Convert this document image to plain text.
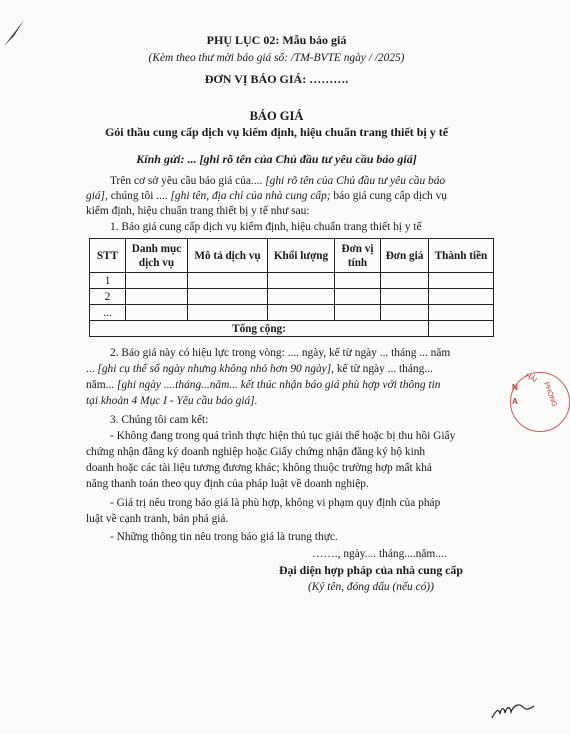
PHỤ LỤC 02: Mẫu báo giá
(Kèm theo thư mời báo giá số: /TM-BVTE ngày / /2025)
ĐƠN VỊ BÁO GIÁ: ……….
BÁO GIÁ
Gói thầu cung cấp dịch vụ kiểm định, hiệu chuẩn trang thiết bị y tế
Kính gửi: ... [ghi rõ tên của Chủ đầu tư yêu cầu báo giá]
Trên cơ sở yêu cầu báo giá của.... [ghi rõ tên của Chủ đầu tư yêu cầu báo
giá], chúng tôi .... [ghi tên, địa chỉ của nhà cung cấp; báo giá cung cấp dịch vụ
kiểm định, hiệu chuẩn trang thiết bị y tế như sau:
1. Báo giá cung cấp dịch vụ kiểm định, hiệu chuẩn trang thiết bị y tế
STT	Danh mục dịch vụ	Mô tả dịch vụ	Khối lượng	Đơn vị tính	Đơn giá	Thành tiền
1						
2						
...						
Tổng cộng:						
2. Báo giá này có hiệu lực trong vòng: .... ngày, kể từ ngày ... tháng ... năm
... [ghi cụ thể số ngày nhưng không nhỏ hơn 90 ngày], kể từ ngày ... tháng...
năm... [ghi ngày ....tháng...năm... kết thúc nhận báo giá phù hợp với thông tin
tại khoản 4 Mục I - Yêu cầu báo giá].
3. Chúng tôi cam kết:
- Không đang trong quá trình thực hiện thủ tục giải thể hoặc bị thu hồi Giấy
chứng nhận đăng ký doanh nghiệp hoặc Giấy chứng nhận đăng ký hộ kinh
doanh hoặc các tài liệu tương đương khác; không thuộc trường hợp mất khả
năng thanh toán theo quy định của pháp luật về doanh nghiệp.
- Giá trị nêu trong báo giá là phù hợp, không vi phạm quy định của pháp
luật về cạnh tranh, bán phá giá.
- Những thông tin nêu trong báo giá là trung thực.
……., ngày.... tháng....năm....
Đại diện hợp pháp của nhà cung cấp
(Ký tên, đóng dấu (nếu có))
N
A
HẢI
PHÒNG
